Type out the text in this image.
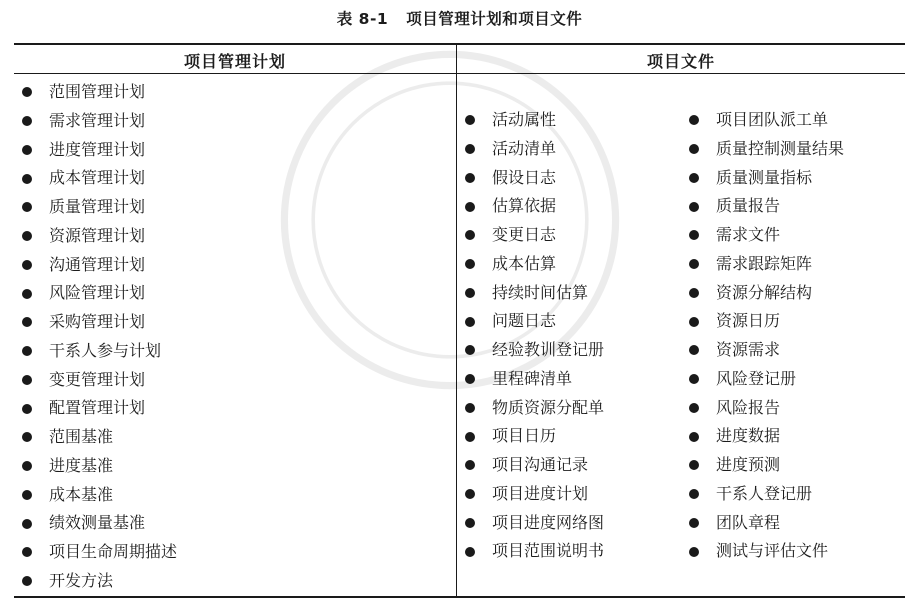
表 8-1 项目管理计划和项目文件
项目管理计划	项目文件
范围管理计划
需求管理计划
进度管理计划
成本管理计划
质量管理计划
资源管理计划
沟通管理计划
风险管理计划
采购管理计划
干系人参与计划
变更管理计划
配置管理计划
范围基准
进度基准
成本基准
绩效测量基准
项目生命周期描述
开发方法
活动属性
活动清单
假设日志
估算依据
变更日志
成本估算
持续时间估算
问题日志
经验教训登记册
里程碑清单
物质资源分配单
项目日历
项目沟通记录
项目进度计划
项目进度网络图
项目范围说明书
项目团队派工单
质量控制测量结果
质量测量指标
质量报告
需求文件
需求跟踪矩阵
资源分解结构
资源日历
资源需求
风险登记册
风险报告
进度数据
进度预测
干系人登记册
团队章程
测试与评估文件
